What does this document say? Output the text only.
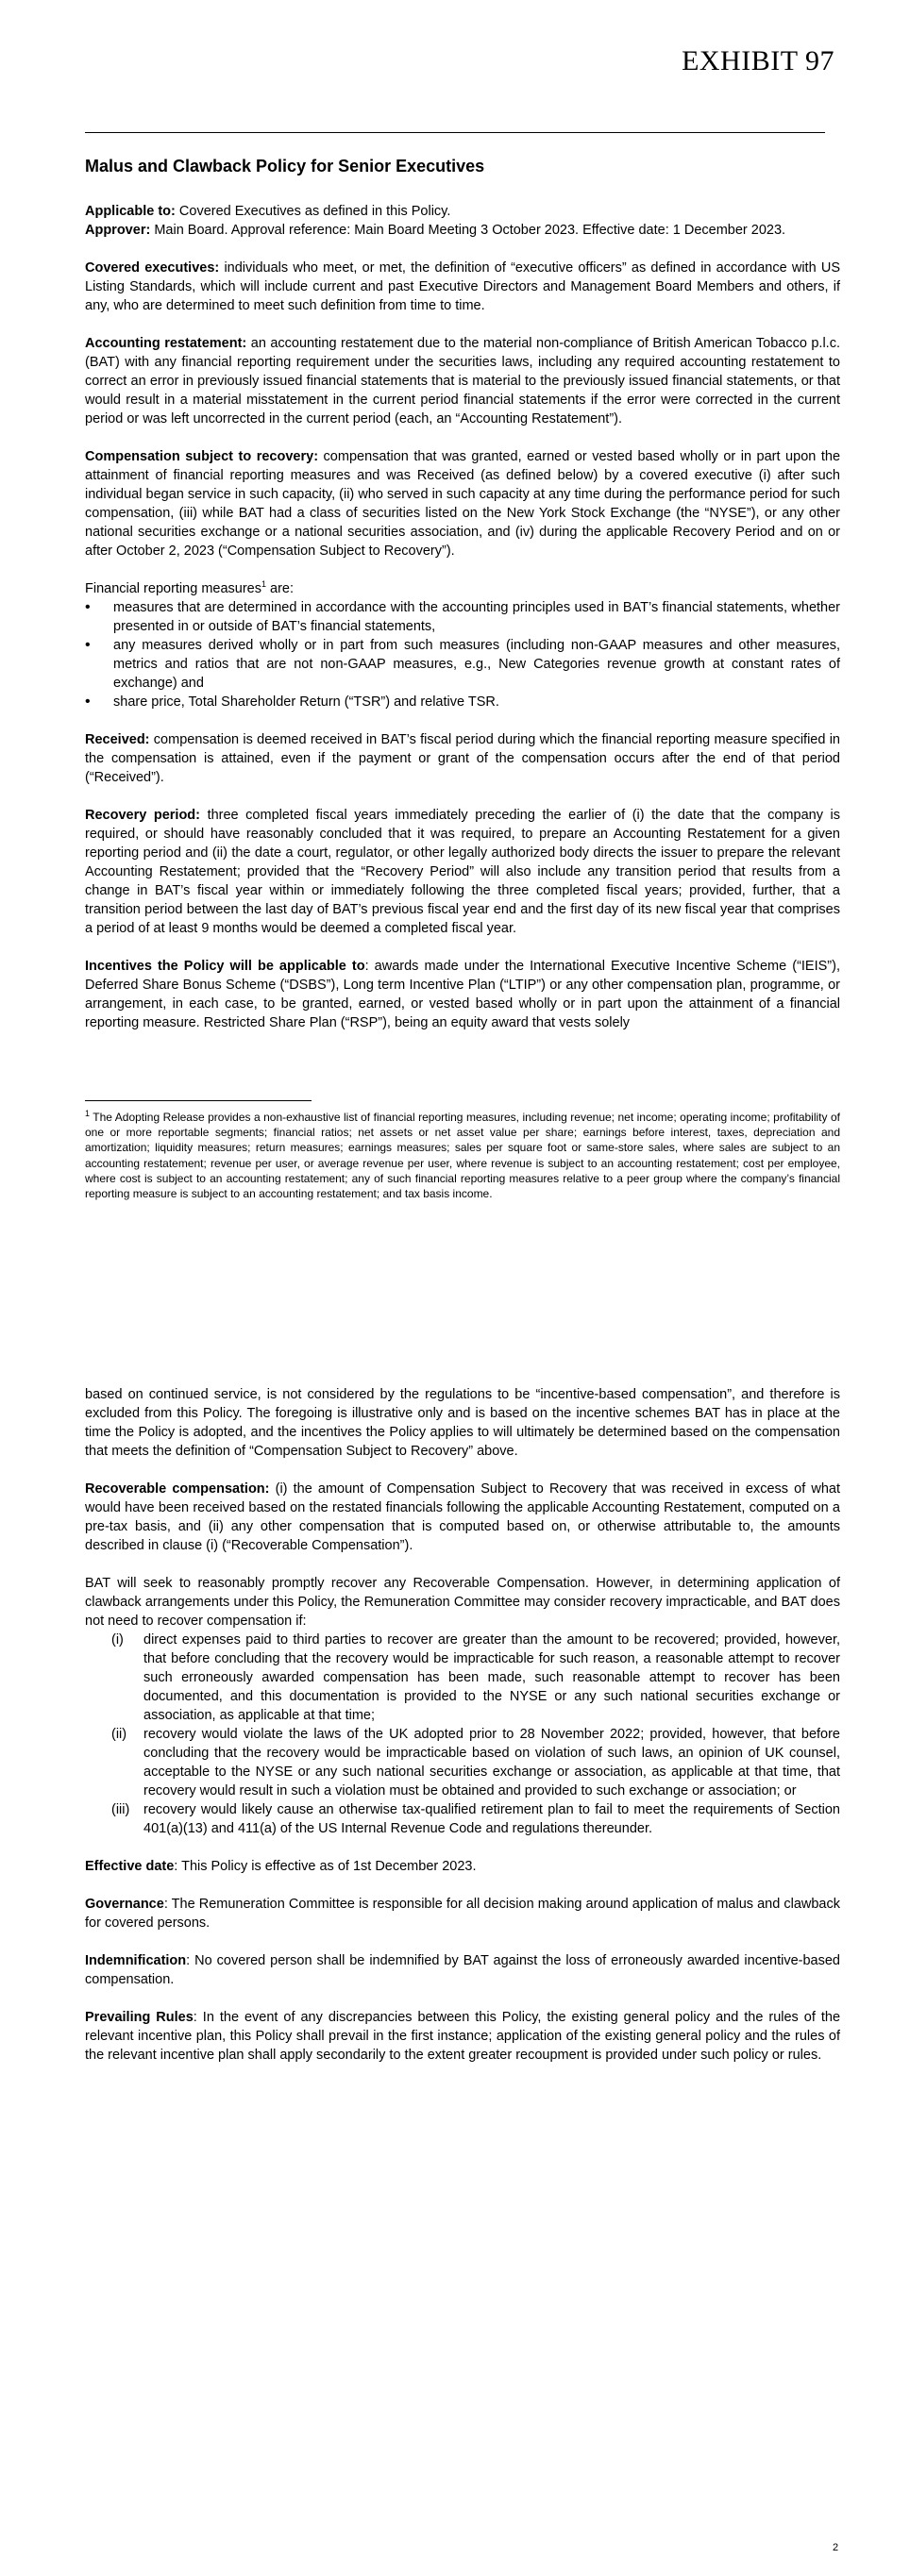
EXHIBIT 97
Malus and Clawback Policy for Senior Executives

Applicable to: Covered Executives as defined in this Policy.
Approver: Main Board. Approval reference: Main Board Meeting 3 October 2023. Effective date: 1 December 2023.

Covered executives: individuals who meet, or met, the definition of “executive officers” as defined in accordance with US Listing Standards, which will include current and past Executive Directors and Management Board Members and others, if any, who are determined to meet such definition from time to time.

Accounting restatement: an accounting restatement due to the material non-compliance of British American Tobacco p.l.c. (BAT) with any financial reporting requirement under the securities laws, including any required accounting restatement to correct an error in previously issued financial statements that is material to the previously issued financial statements, or that would result in a material misstatement in the current period financial statements if the error were corrected in the current period or was left uncorrected in the current period (each, an “Accounting Restatement”).

Compensation subject to recovery: compensation that was granted, earned or vested based wholly or in part upon the attainment of financial reporting measures and was Received (as defined below) by a covered executive (i) after such individual began service in such capacity, (ii) who served in such capacity at any time during the performance period for such compensation, (iii) while BAT had a class of securities listed on the New York Stock Exchange (the “NYSE”), or any other national securities exchange or a national securities association, and (iv) during the applicable Recovery Period and on or after October 2, 2023 (“Compensation Subject to Recovery”).

Financial reporting measures$^1$ are:
• measures that are determined in accordance with the accounting principles used in BAT’s financial statements, whether presented in or outside of BAT’s financial statements,
• any measures derived wholly or in part from such measures (including non-GAAP measures and other measures, metrics and ratios that are not non-GAAP measures, e.g., New Categories revenue growth at constant rates of exchange) and
• share price, Total Shareholder Return (“TSR”) and relative TSR.

Received: compensation is deemed received in BAT’s fiscal period during which the financial reporting measure specified in the compensation is attained, even if the payment or grant of the compensation occurs after the end of that period (“Received”).

Recovery period: three completed fiscal years immediately preceding the earlier of (i) the date that the company is required, or should have reasonably concluded that it was required, to prepare an Accounting Restatement for a given reporting period and (ii) the date a court, regulator, or other legally authorized body directs the issuer to prepare the relevant Accounting Restatement; provided that the “Recovery Period” will also include any transition period that results from a change in BAT’s fiscal year within or immediately following the three completed fiscal years; provided, further, that a transition period between the last day of BAT’s previous fiscal year end and the first day of its new fiscal year that comprises a period of at least 9 months would be deemed a completed fiscal year.

Incentives the Policy will be applicable to: awards made under the International Executive Incentive Scheme (“IEIS”), Deferred Share Bonus Scheme (“DSBS”), Long term Incentive Plan (“LTIP”) or any other compensation plan, programme, or arrangement, in each case, to be granted, earned, or vested based wholly or in part upon the attainment of a financial reporting measure. Restricted Share Plan (“RSP”), being an equity award that vests solely

$^1$ The Adopting Release provides a non-exhaustive list of financial reporting measures, including revenue; net income; operating income; profitability of one or more reportable segments; financial ratios; net assets or net asset value per share; earnings before interest, taxes, depreciation and amortization; liquidity measures; return measures; earnings measures; sales per square foot or same-store sales, where sales are subject to an accounting restatement; revenue per user, or average revenue per user, where revenue is subject to an accounting restatement; cost per employee, where cost is subject to an accounting restatement; any of such financial reporting measures relative to a peer group where the company’s financial reporting measure is subject to an accounting restatement; and tax basis income.

based on continued service, is not considered by the regulations to be “incentive-based compensation”, and therefore is excluded from this Policy. The foregoing is illustrative only and is based on the incentive schemes BAT has in place at the time the Policy is adopted, and the incentives the Policy applies to will ultimately be determined based on the compensation that meets the definition of “Compensation Subject to Recovery” above.

Recoverable compensation: (i) the amount of Compensation Subject to Recovery that was received in excess of what would have been received based on the restated financials following the applicable Accounting Restatement, computed on a pre-tax basis, and (ii) any other compensation that is computed based on, or otherwise attributable to, the amounts described in clause (i) (“Recoverable Compensation”).

BAT will seek to reasonably promptly recover any Recoverable Compensation. However, in determining application of clawback arrangements under this Policy, the Remuneration Committee may consider recovery impracticable, and BAT does not need to recover compensation if:
(i) direct expenses paid to third parties to recover are greater than the amount to be recovered; provided, however, that before concluding that the recovery would be impracticable for such reason, a reasonable attempt to recover such erroneously awarded compensation has been made, such reasonable attempt to recover has been documented, and this documentation is provided to the NYSE or any such national securities exchange or association, as applicable at that time;
(ii) recovery would violate the laws of the UK adopted prior to 28 November 2022; provided, however, that before concluding that the recovery would be impracticable based on violation of such laws, an opinion of UK counsel, acceptable to the NYSE or any such national securities exchange or association, as applicable at that time, that recovery would result in such a violation must be obtained and provided to such exchange or association; or
(iii) recovery would likely cause an otherwise tax-qualified retirement plan to fail to meet the requirements of Section 401(a)(13) and 411(a) of the US Internal Revenue Code and regulations thereunder.

Effective date: This Policy is effective as of 1st December 2023.

Governance: The Remuneration Committee is responsible for all decision making around application of malus and clawback for covered persons.

Indemnification: No covered person shall be indemnified by BAT against the loss of erroneously awarded incentive-based compensation.

Prevailing Rules: In the event of any discrepancies between this Policy, the existing general policy and the rules of the relevant incentive plan, this Policy shall prevail in the first instance; application of the existing general policy and the rules of the relevant incentive plan shall apply secondarily to the extent greater recoupment is provided under such policy or rules.

2
